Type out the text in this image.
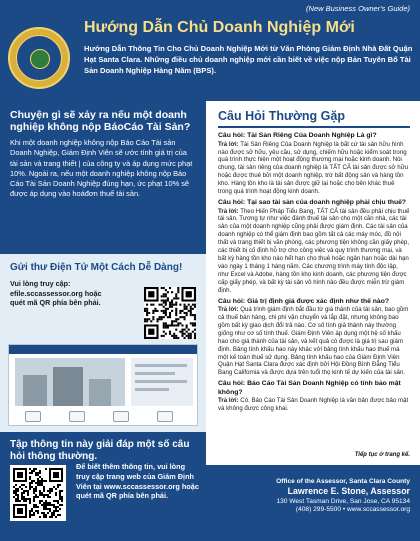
(New Business Owner's Guide)
Hướng Dẫn Chủ Doanh Nghiệp Mới
Hướng Dẫn Thông Tin Cho Chủ Doanh Nghiệp Mới từ Văn Phòng Giám Định Nhà Đất Quận Hạt Santa Clara. Những điều chủ doanh nghiệp mới cần biết về việc nộp Bản Tuyên Bố Tài Sản Doanh Nghiệp Hàng Năm (BPS).
Chuyện gì sẽ xảy ra nếu một doanh nghiệp không nộp BáoCáo Tài Sản?
Khi một doanh nghiệp không nộp Báo Cáo Tài sản Doanh Nghiệp, Giám Định Viên sẽ ước tính giá trị của tài sản và trang thiết | của công ty và áp dụng mức phạt 10%. Ngoài ra, nếu một doanh nghiệp không nộp Báo Cáo Tài Sản Doanh Nghiệp đúng hạn, ức phạt 10% sẽ được áp dụng vào hoáđơn thuế tài sản.
Gửi thư Điện Tử Một Cách Dễ Dàng!
Vui lòng truy cập: efile.sccassessor.org hoặc quét mã QR phía bên phải.
Tập thông tin này giải đáp một số câu hỏi thông thường.
Để biết thêm thông tin, vui lòng truy cập trang web của Giám Định Viên tại www.sccassessor.org hoặc quét mã QR phía bên phải.
Câu Hỏi Thường Gặp
Câu hỏi: Tài Sản Riêng Của Doanh Nghiệp Là gì?
Trả lời: Tài Sản Riêng Của Doanh Nghiệp là bất cứ tài sản hữu hình nào được sở hữu, yêu cầu, sử dụng, chiếm hữu hoặc kiểm soát trong quá trình thực hiện một hoạt động thương mại hoặc kinh doanh. Nói chung, tài sản riêng của doanh nghiệp là TẤT CẢ tài sản được sở hữu hoặc được thuê bởi một doanh nghiệp, trừ bất động sản và hàng tồn kho. Hàng tồn kho là tài sản được giữ lại hoặc cho bên khác thuê trong quá trình hoạt động kinh doanh.
Câu hỏi: Tại sao tài sản của doanh nghiệp phải chịu thuế?
Trả lời: Theo Hiến Pháp Tiểu Bang, TẤT CẢ tài sản đều phải chịu thuế tài sản. Tương tự như việc đánh thuế tài sản cho một căn nhà, các tài sản của một doanh nghiệp cũng phải được giám định. Các tài sản của doanh nghiệp có thể giám định bao gồm tất cả các máy móc, đồ nội thất và trang thiết bị văn phòng, các phương tiện không cần giấy phép, các thiết bị cố định hỗ trợ cho công việc và quy trình thương mại, và bất kỳ hàng tồn kho nào hết hạn cho thuê hoặc ngân hạn hoặc dài hạn vào ngày 1 tháng 1 hàng năm. Các chương trình máy tính độc lập, như Excel và Adobe, hàng tồn kho kinh doanh, các phương tiện được cấp giấy phép, và bất kỳ tài sản vô hình nào đều được miễn trừ giám định.
Câu hỏi: Giá trị định giá được xác định như thế nào?
Trả lời: Quá trình giám định bắt đầu từ giá thành của tài sản, bao gồm cả thuế bán hàng, chi phí vận chuyển và lắp đặt, nhưng không bao gồm bất kỳ giao dịch đổi trả nào. Cơ số tính giá thành này thường giống như cơ số tính thuế. Giám Định Viên áp dụng một hệ số khấu hao cho giá thành của tài sản, và kết quả có được là giá trị sau giám định. Bảng tính khấu hao này khác với bảng tính khấu hao thuế mà một kế toán thuế sử dụng. Bảng tính khấu hao của Giám Định Viên Quận Hạt Santa Clara được xác định bởi Hội Đồng Bình Đẳng Tiểu Bang California và được dựa trên tuổi thọ kinh tế dự kiến của tài sản.
Câu hỏi: Báo Cáo Tài Sản Doanh Nghiệp có tính bảo mật không?
Trả lời: Có. Báo Cáo Tài Sản Doanh Nghiệp là văn bản được bảo mật và không được công khai.
Tiếp tục ở trang kế.
Office of the Assessor, Santa Clara County
Lawrence E. Stone, Assessor
130 West Tasman Drive, San Jose, CA 95134
(408) 299-5500 • www.sccassessor.org
